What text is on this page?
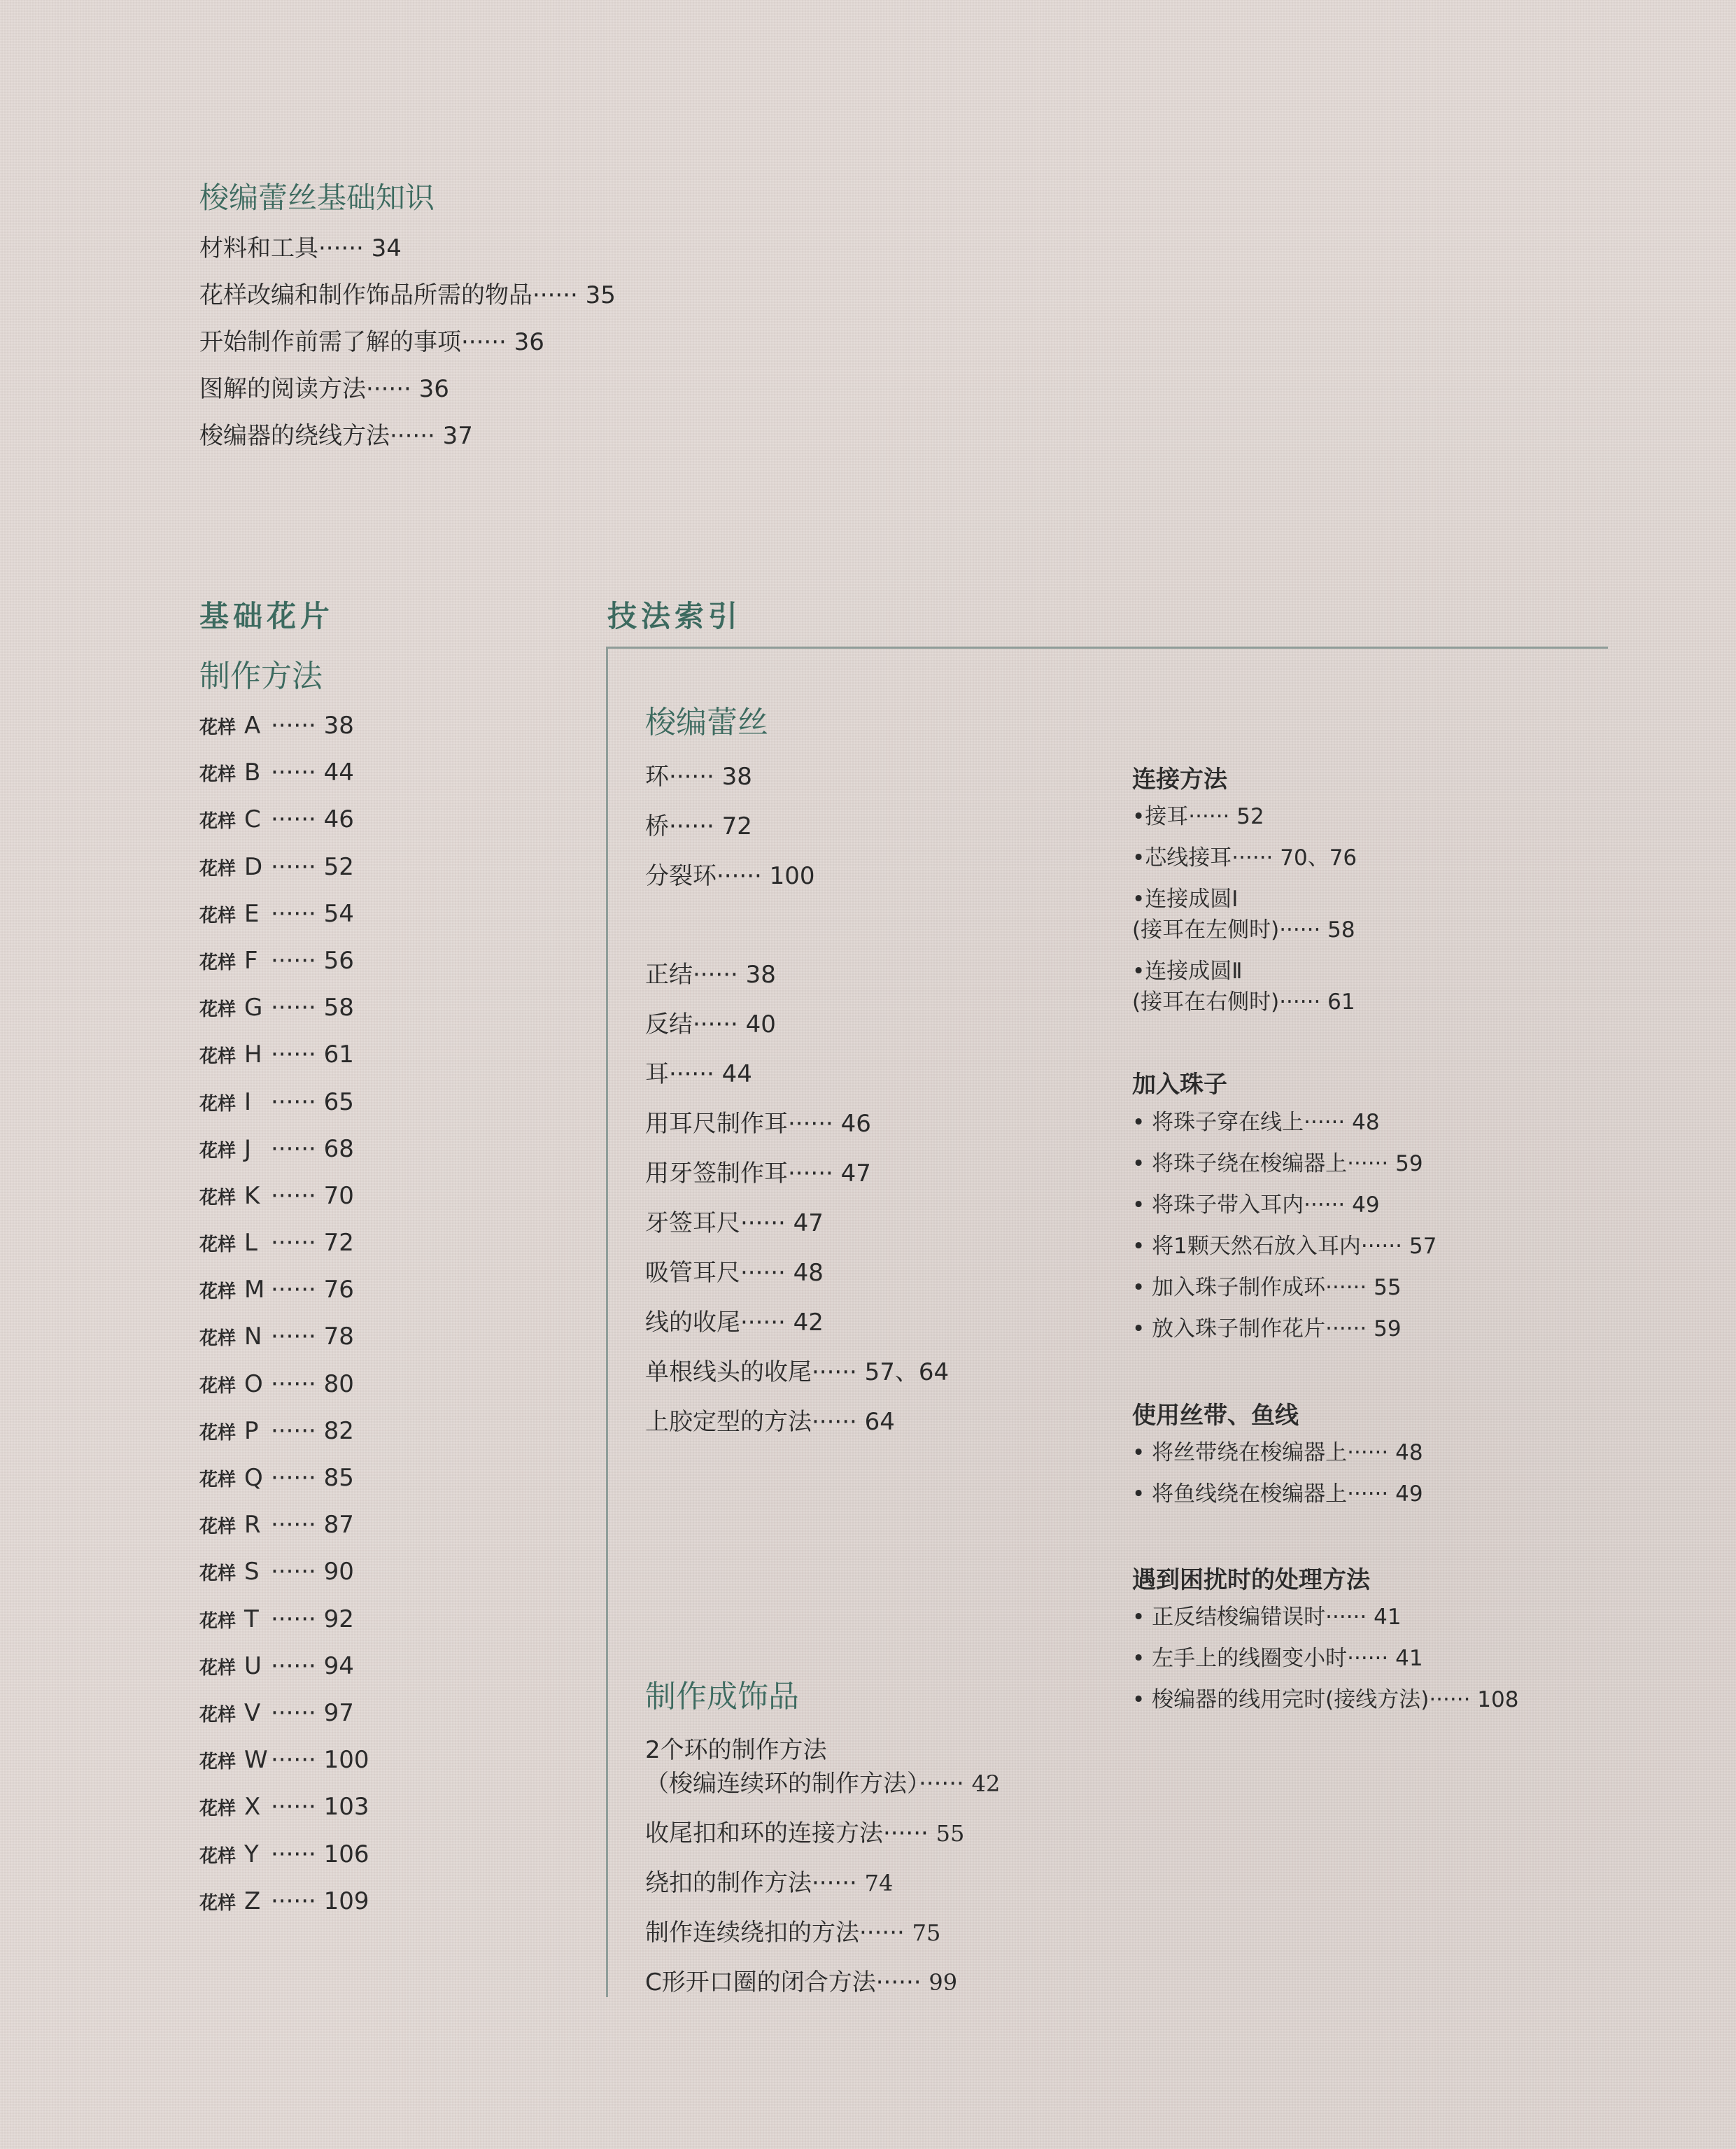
梭编蕾丝基础知识
材料和工具······ 34
花样改编和制作饰品所需的物品······ 35
开始制作前需了解的事项······ 36
图解的阅读方法······ 36
梭编器的绕线方法······ 37
基础花片
制作方法
花样 A ······ 38
花样 B ······ 44
花样 C ······ 46
花样 D ······ 52
花样 E ······ 54
花样 F ······ 56
花样 G ······ 58
花样 H ······ 61
花样 I ······ 65
花样 J ······ 68
花样 K ······ 70
花样 L ······ 72
花样 M ······ 76
花样 N ······ 78
花样 O ······ 80
花样 P ······ 82
花样 Q ······ 85
花样 R ······ 87
花样 S ······ 90
花样 T ······ 92
花样 U ······ 94
花样 V ······ 97
花样 W ······ 100
花样 X ······ 103
花样 Y ······ 106
花样 Z ······ 109
技法索引
梭编蕾丝
环······ 38
桥······ 72
分裂环······ 100
正结······ 38
反结······ 40
耳······ 44
用耳尺制作耳······ 46
用牙签制作耳······ 47
牙签耳尺······ 47
吸管耳尺······ 48
线的收尾······ 42
单根线头的收尾······ 57、64
上胶定型的方法······ 64
制作成饰品
2个环的制作方法
（梭编连续环的制作方法）······ 42
收尾扣和环的连接方法······ 55
绕扣的制作方法······ 74
制作连续绕扣的方法······ 75
C形开口圈的闭合方法······ 99
连接方法
•接耳······ 52
•芯线接耳······ 70、76
•连接成圆Ⅰ
(接耳在左侧时)······ 58
•连接成圆Ⅱ
(接耳在右侧时)······ 61
加入珠子
• 将珠子穿在线上······ 48
• 将珠子绕在梭编器上······ 59
• 将珠子带入耳内······ 49
• 将1颗天然石放入耳内······ 57
• 加入珠子制作成环······ 55
• 放入珠子制作花片······ 59
使用丝带、鱼线
• 将丝带绕在梭编器上······ 48
• 将鱼线绕在梭编器上······ 49
遇到困扰时的处理方法
• 正反结梭编错误时······ 41
• 左手上的线圈变小时······ 41
• 梭编器的线用完时(接线方法)······ 108
